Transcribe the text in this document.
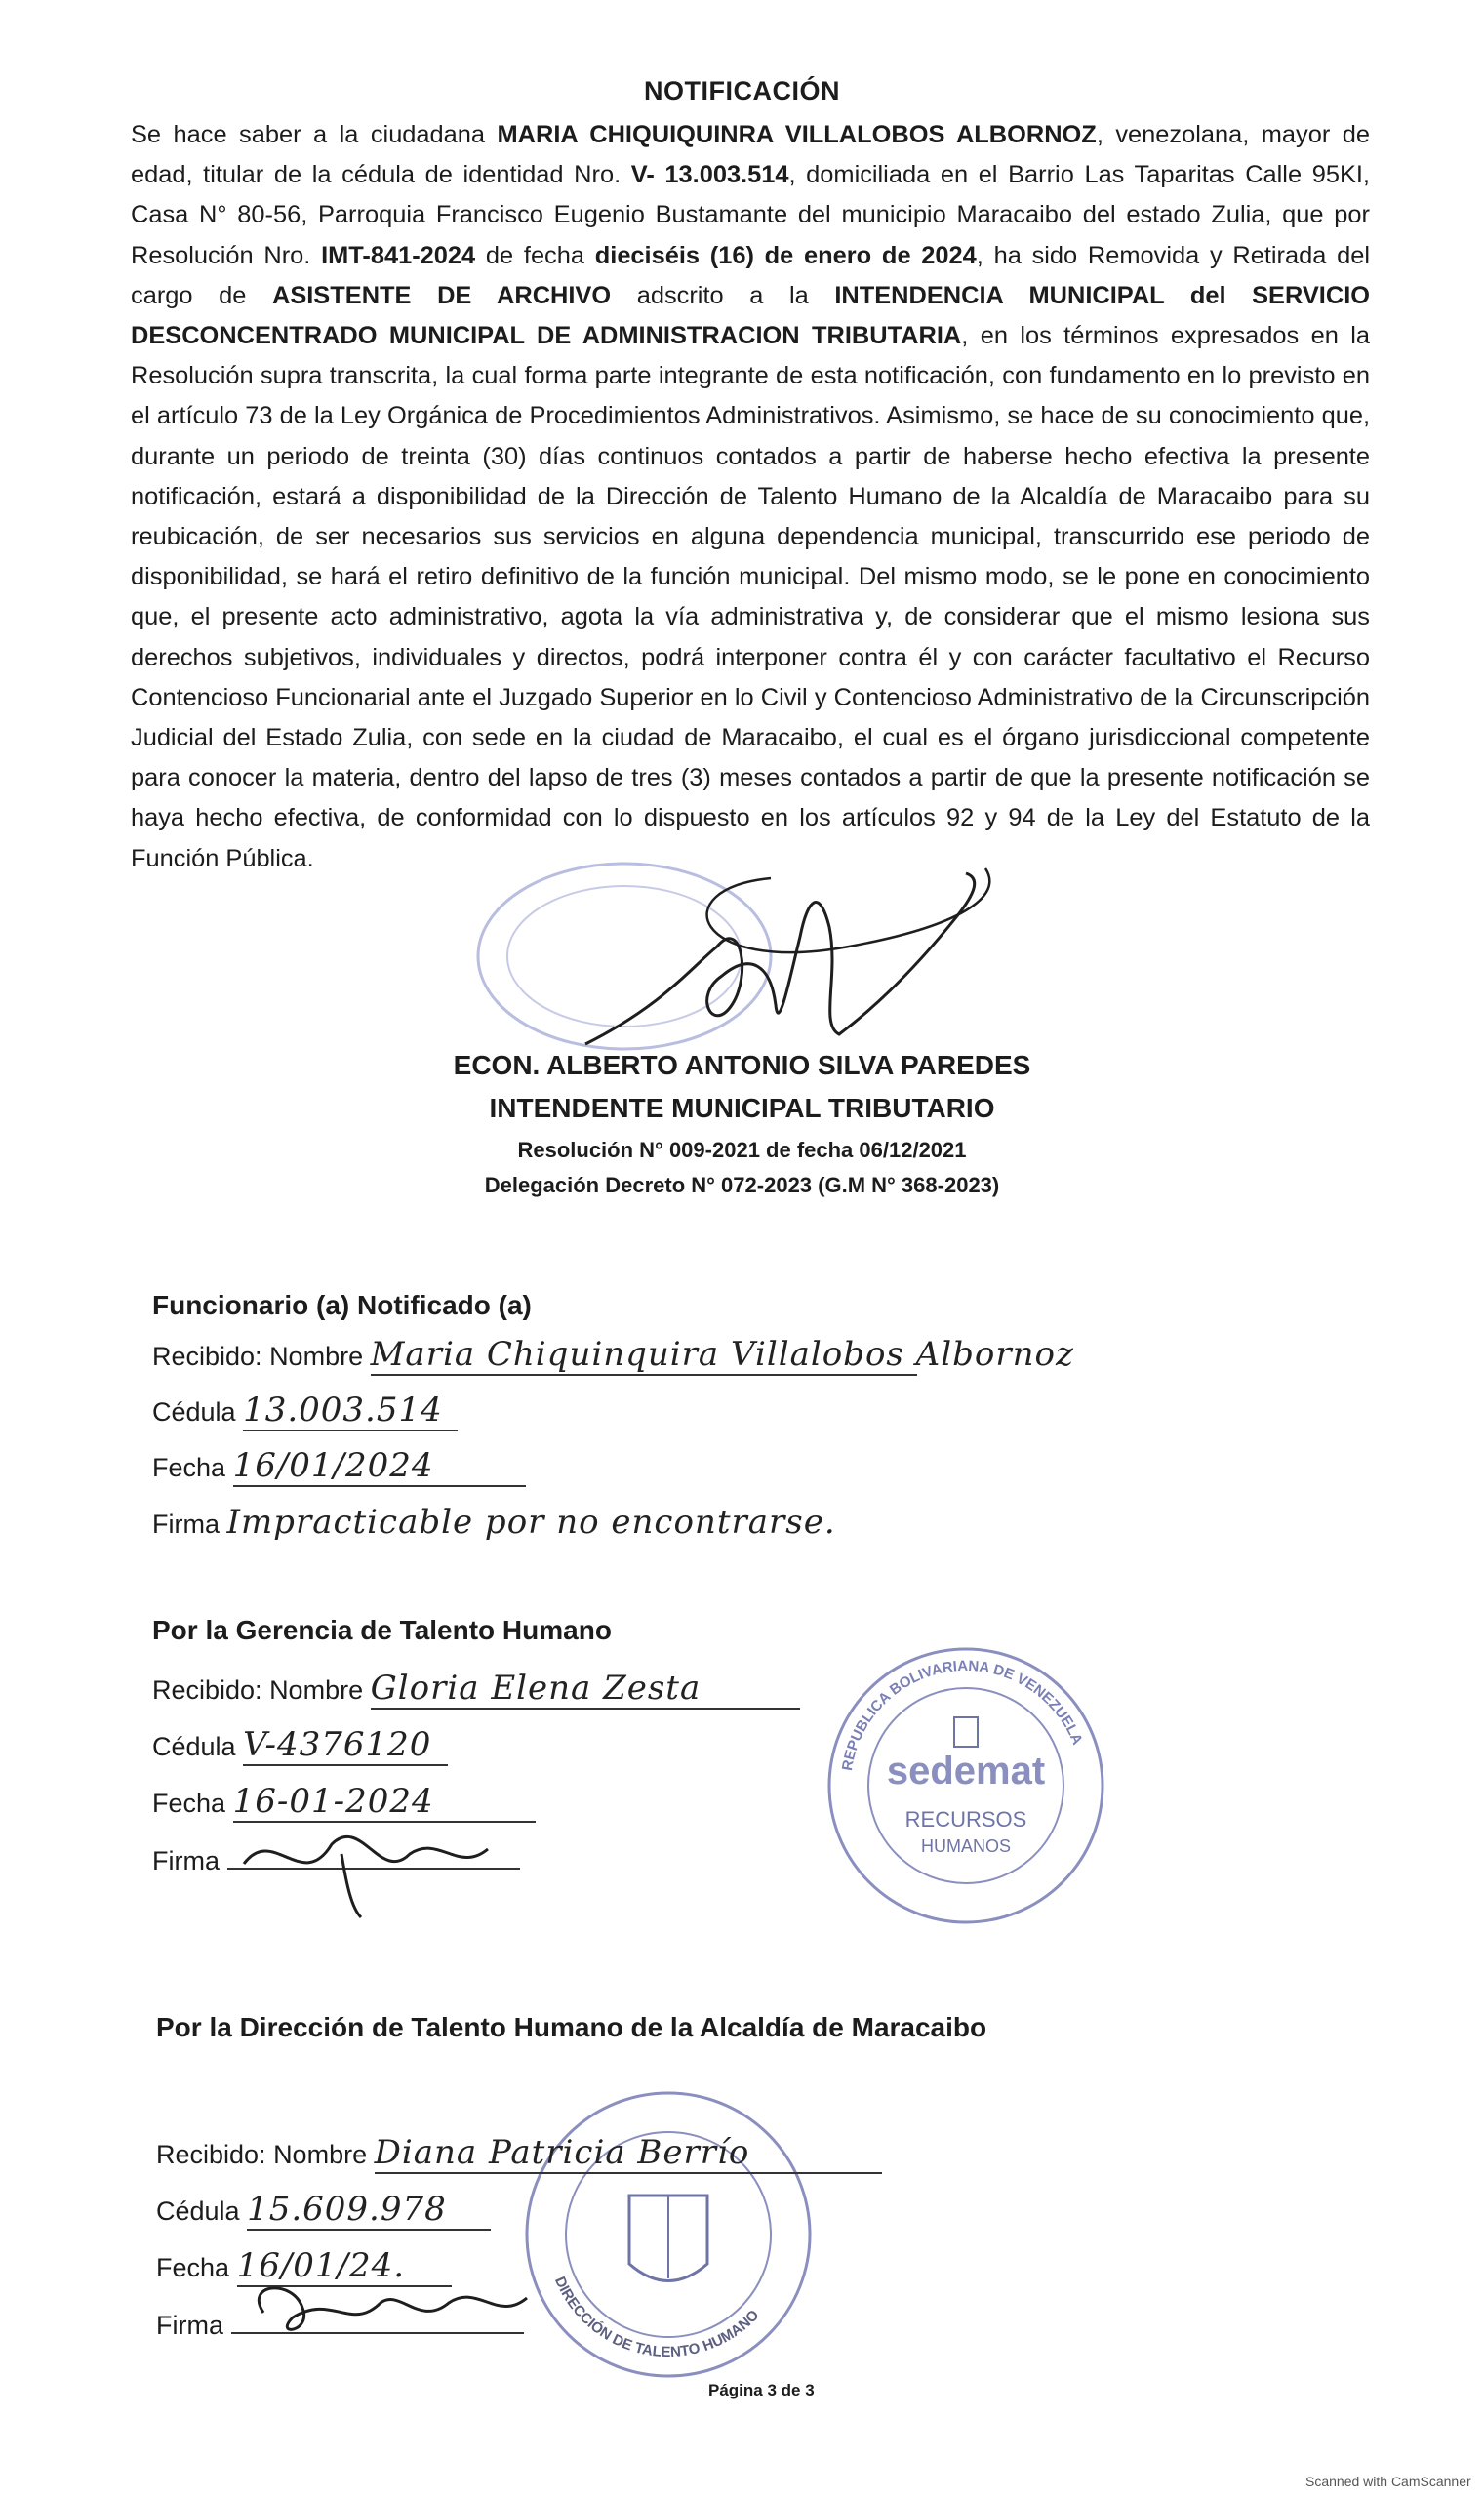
NOTIFICACIÓN
Se hace saber a la ciudadana MARIA CHIQUIQUINRA VILLALOBOS ALBORNOZ, venezolana, mayor de edad, titular de la cédula de identidad Nro. V- 13.003.514, domiciliada en el Barrio Las Taparitas Calle 95KI, Casa N° 80-56, Parroquia Francisco Eugenio Bustamante del municipio Maracaibo del estado Zulia, que por Resolución Nro. IMT-841-2024 de fecha dieciséis (16) de enero de 2024, ha sido Removida y Retirada del cargo de ASISTENTE DE ARCHIVO adscrito a la INTENDENCIA MUNICIPAL del SERVICIO DESCONCENTRADO MUNICIPAL DE ADMINISTRACION TRIBUTARIA, en los términos expresados en la Resolución supra transcrita, la cual forma parte integrante de esta notificación, con fundamento en lo previsto en el artículo 73 de la Ley Orgánica de Procedimientos Administrativos. Asimismo, se hace de su conocimiento que, durante un periodo de treinta (30) días continuos contados a partir de haberse hecho efectiva la presente notificación, estará a disponibilidad de la Dirección de Talento Humano de la Alcaldía de Maracaibo para su reubicación, de ser necesarios sus servicios en alguna dependencia municipal, transcurrido ese periodo de disponibilidad, se hará el retiro definitivo de la función municipal. Del mismo modo, se le pone en conocimiento que, el presente acto administrativo, agota la vía administrativa y, de considerar que el mismo lesiona sus derechos subjetivos, individuales y directos, podrá interponer contra él y con carácter facultativo el Recurso Contencioso Funcionarial ante el Juzgado Superior en lo Civil y Contencioso Administrativo de la Circunscripción Judicial del Estado Zulia, con sede en la ciudad de Maracaibo, el cual es el órgano jurisdiccional competente para conocer la materia, dentro del lapso de tres (3) meses contados a partir de que la presente notificación se haya hecho efectiva, de conformidad con lo dispuesto en los artículos 92 y 94 de la Ley del Estatuto de la Función Pública.
ECON. ALBERTO ANTONIO SILVA PAREDES
INTENDENTE MUNICIPAL TRIBUTARIO
Resolución N° 009-2021 de fecha 06/12/2021
Delegación Decreto N° 072-2023 (G.M N° 368-2023)
Funcionario (a) Notificado (a)
Recibido: Nombre Maria Chiquinquira Villalobos Albornoz
Cédula 13.003.514
Fecha 16/01/2024
Firma Impracticable por no encontrarse.
Por la Gerencia de Talento Humano
Recibido: Nombre Gloria Elena Zesta
Cédula V-4376120
Fecha 16-01-2024
Firma
REPUBLICA BOLIVARIANA DE VENEZUELA
sedemat
RECURSOS
HUMANOS
Por la Dirección de Talento Humano de la Alcaldía de Maracaibo
DIRECCIÓN DE TALENTO HUMANO
Recibido: Nombre Diana Patricia Berrío
Cédula 15.609.978
Fecha 16/01/24.
Firma
Página 3 de 3
Scanned with CamScanner
